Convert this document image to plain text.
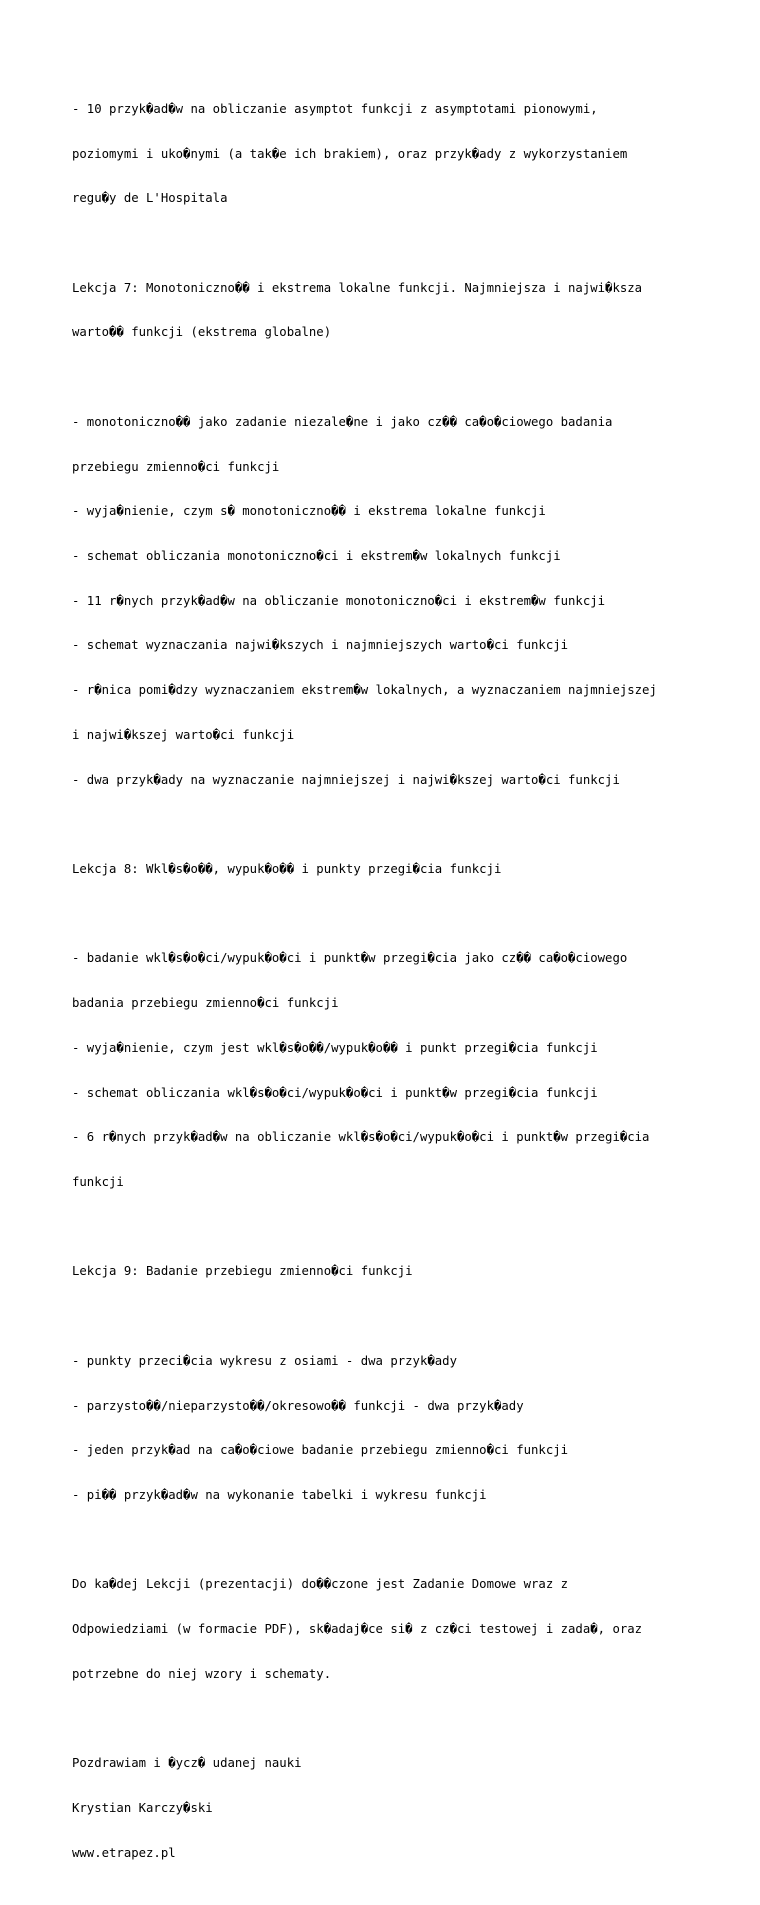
- 10 przyk�ad�w na obliczanie asymptot funkcji z asymptotami pionowymi,

poziomymi i uko�nymi (a tak�e ich brakiem), oraz przyk�ady z wykorzystaniem

regu�y de L'Hospitala

Lekcja 7: Monotoniczno�� i ekstrema lokalne funkcji. Najmniejsza i najwi�ksza

warto�� funkcji (ekstrema globalne)

- monotoniczno�� jako zadanie niezale�ne i jako cz�� ca�o�ciowego badania

przebiegu zmienno�ci funkcji

- wyja�nienie, czym s� monotoniczno�� i ekstrema lokalne funkcji

- schemat obliczania monotoniczno�ci i ekstrem�w lokalnych funkcji

- 11 r�nych przyk�ad�w na obliczanie monotoniczno�ci i ekstrem�w funkcji

- schemat wyznaczania najwi�kszych i najmniejszych warto�ci funkcji

- r�nica pomi�dzy wyznaczaniem ekstrem�w lokalnych, a wyznaczaniem najmniejszej

i najwi�kszej warto�ci funkcji

- dwa przyk�ady na wyznaczanie najmniejszej i najwi�kszej warto�ci funkcji

Lekcja 8: Wkl�s�o��, wypuk�o�� i punkty przegi�cia funkcji

- badanie wkl�s�o�ci/wypuk�o�ci i punkt�w przegi�cia jako cz�� ca�o�ciowego

badania przebiegu zmienno�ci funkcji

- wyja�nienie, czym jest wkl�s�o��/wypuk�o�� i punkt przegi�cia funkcji

- schemat obliczania wkl�s�o�ci/wypuk�o�ci i punkt�w przegi�cia funkcji

- 6 r�nych przyk�ad�w na obliczanie wkl�s�o�ci/wypuk�o�ci i punkt�w przegi�cia

funkcji

Lekcja 9: Badanie przebiegu zmienno�ci funkcji

- punkty przeci�cia wykresu z osiami - dwa przyk�ady

- parzysto��/nieparzysto��/okresowo�� funkcji - dwa przyk�ady

- jeden przyk�ad na ca�o�ciowe badanie przebiegu zmienno�ci funkcji

- pi�� przyk�ad�w na wykonanie tabelki i wykresu funkcji

Do ka�dej Lekcji (prezentacji) do��czone jest Zadanie Domowe wraz z

Odpowiedziami (w formacie PDF), sk�adaj�ce si� z cz�ci testowej i zada�, oraz

potrzebne do niej wzory i schematy.

Pozdrawiam i �ycz� udanej nauki

Krystian Karczy�ski

www.etrapez.pl
